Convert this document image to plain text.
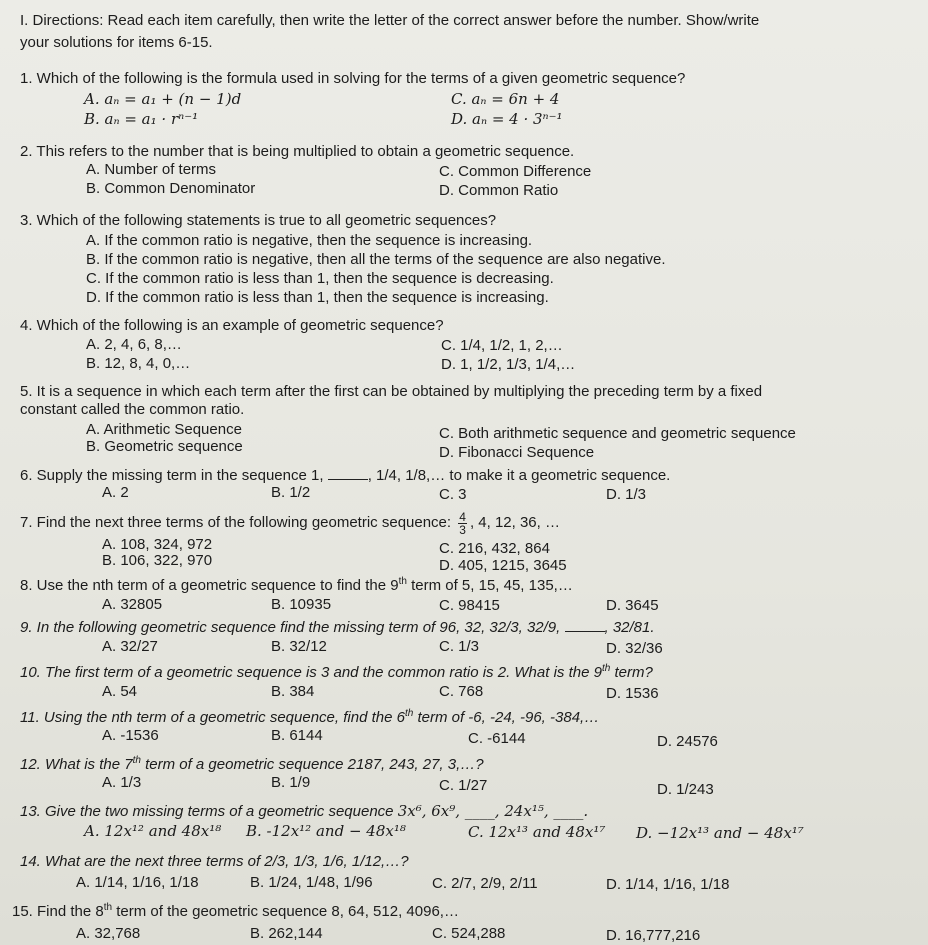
I. Directions: Read each item carefully, then write the letter of the correct answer before the number. Show/write
your solutions for items 6-15.
1. Which of the following is the formula used in solving for the terms of a given geometric sequence?
A. aₙ = a₁ + (n − 1)d	C. aₙ = 6n + 4
B. aₙ = a₁ · rⁿ⁻¹	D. aₙ = 4 · 3ⁿ⁻¹
2. This refers to the number that is being multiplied to obtain a geometric sequence.
A. Number of terms	C. Common Difference
B. Common Denominator	D. Common Ratio
3. Which of the following statements is true to all geometric sequences?
A. If the common ratio is negative, then the sequence is increasing.
B. If the common ratio is negative, then all the terms of the sequence are also negative.
C. If the common ratio is less than 1, then the sequence is decreasing.
D. If the common ratio is less than 1, then the sequence is increasing.
4. Which of the following is an example of geometric sequence?
A. 2, 4, 6, 8,…	C. 1/4, 1/2, 1, 2,…
B. 12, 8, 4, 0,…	D. 1, 1/2, 1/3, 1/4,…
5. It is a sequence in which each term after the first can be obtained by multiplying the preceding term by a fixed
constant called the common ratio.
A. Arithmetic Sequence	C. Both arithmetic sequence and geometric sequence
B. Geometric sequence	D. Fibonacci Sequence
6. Supply the missing term in the sequence 1,	, 1/4, 1/8,… to make it a geometric sequence.
A. 2	B. 1/2	C. 3	D. 1/3
7. Find the next three terms of the following geometric sequence: $\frac{4}{3}$ , 4, 12, 36, …
A. 108, 324, 972	C. 216, 432, 864
B. 106, 322, 970	D. 405, 1215, 3645
8. Use the nth term of a geometric sequence to find the 9th term of 5, 15, 45, 135,…
A. 32805	B. 10935	C. 98415	D. 3645
9. In the following geometric sequence find the missing term of 96, 32, 32/3, 32/9,	, 32/81.
A. 32/27	B. 32/12	C. 1/3	D. 32/36
10. The first term of a geometric sequence is 3 and the common ratio is 2. What is the 9th term?
A. 54	B. 384	C. 768	D. 1536
11. Using the nth term of a geometric sequence, find the 6th term of -6, -24, -96, -384,…
A. -1536	B. 6144	C. -6144	D. 24576
12. What is the 7th term of a geometric sequence 2187, 243, 27, 3,…?
A. 1/3	B. 1/9	C. 1/27	D. 1/243
13. Give the two missing terms of a geometric sequence 3x⁶, 6x⁹, ____, 24x¹⁵, ____.
A. 12x¹² and 48x¹⁸ B. -12x¹² and − 48x¹⁸	C. 12x¹³ and 48x¹⁷ D. −12x¹³ and − 48x¹⁷
14. What are the next three terms of 2/3, 1/3, 1/6, 1/12,…?
A. 1/14, 1/16, 1/18	B. 1/24, 1/48, 1/96	C. 2/7, 2/9, 2/11	D. 1/14, 1/16, 1/18
15. Find the 8th term of the geometric sequence 8, 64, 512, 4096,…
A. 32,768	B. 262,144	C. 524,288	D. 16,777,216
